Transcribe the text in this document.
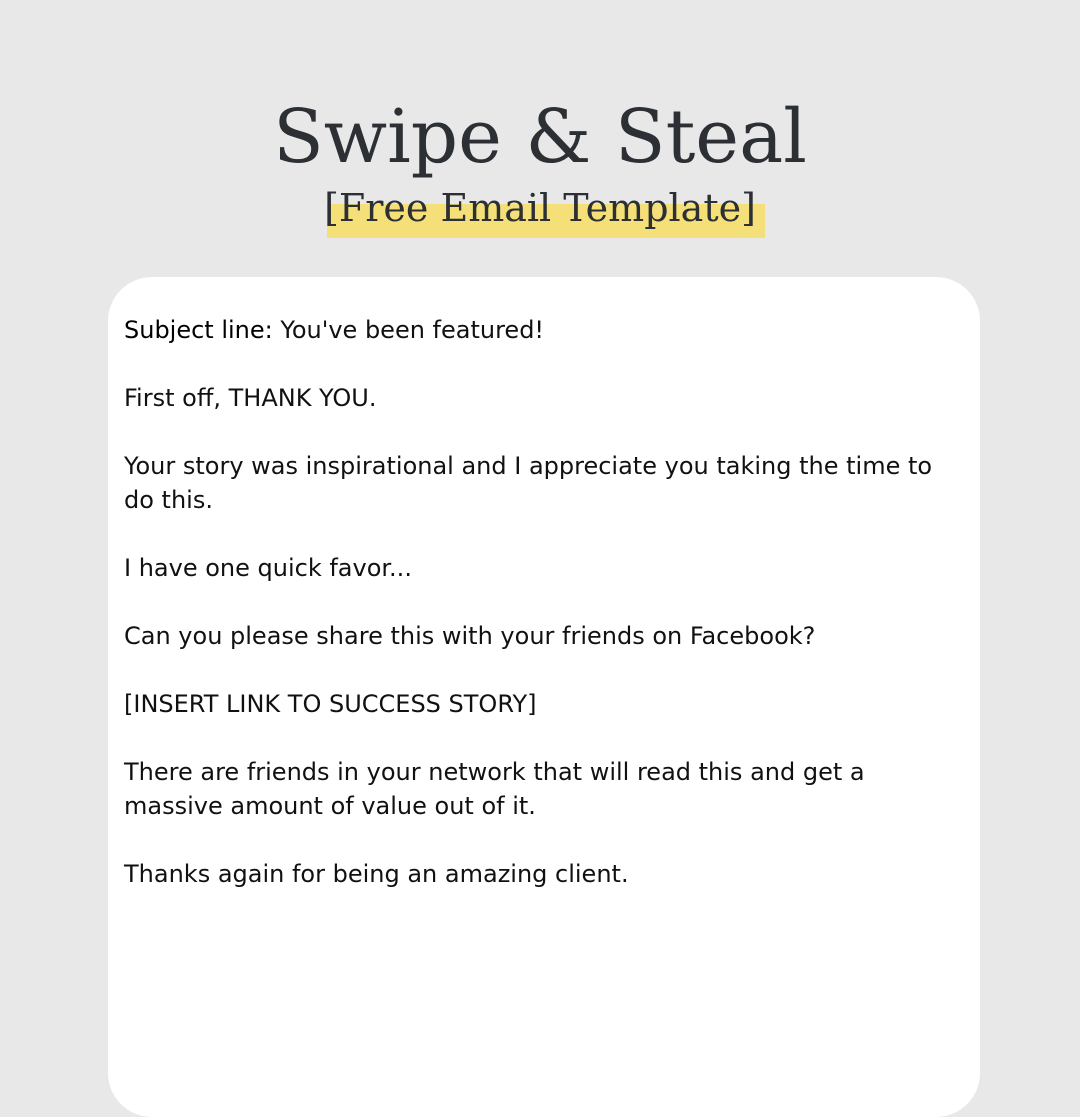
Swipe & Steal
[Free Email Template]

Subject line: You've been featured!

First off, THANK YOU.

Your story was inspirational and I appreciate you taking the time to do this.

I have one quick favor...

Can you please share this with your friends on Facebook?

[INSERT LINK TO SUCCESS STORY]

There are friends in your network that will read this and get a massive amount of value out of it.

Thanks again for being an amazing client.
